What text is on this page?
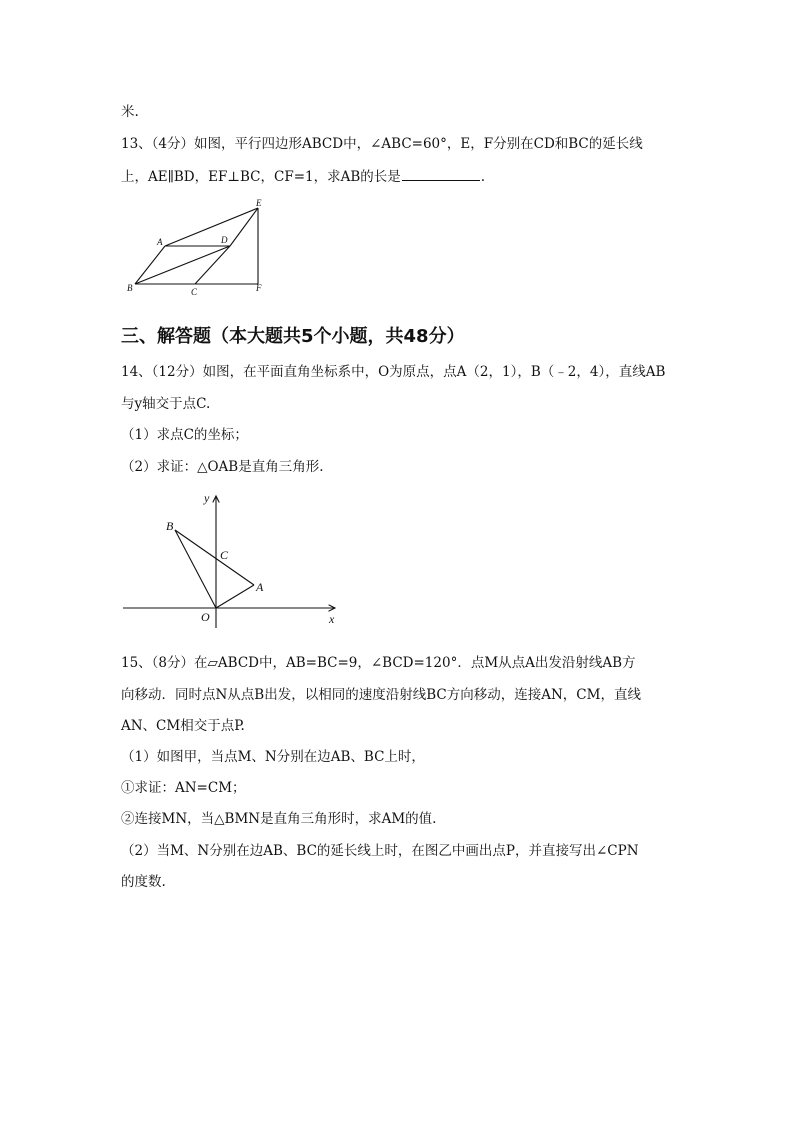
米.
13、（4分）如图，平行四边形ABCD中，∠ABC=60°，E，F分别在CD和BC的延长线
上，AE∥BD，EF⊥BC，CF=1，求AB的长是	.
A	D
E
B	C	F
三、解答题（本大题共5个小题，共48分）
14、（12分）如图，在平面直角坐标系中，O为原点，点A（2，1），B（﹣2，4），直线AB
与y轴交于点C.
（1）求点C的坐标；
（2）求证：△OAB是直角三角形.
y
x
O
B
C
A
15、（8分）在▱ABCD中，AB=BC=9，∠BCD=120°．点M从点A出发沿射线AB方
向移动．同时点N从点B出发，以相同的速度沿射线BC方向移动，连接AN，CM，直线
AN、CM相交于点P.
（1）如图甲，当点M、N分别在边AB、BC上时，
①求证：AN=CM；
②连接MN，当△BMN是直角三角形时，求AM的值.
（2）当M、N分别在边AB、BC的延长线上时，在图乙中画出点P，并直接写出∠CPN
的度数.
